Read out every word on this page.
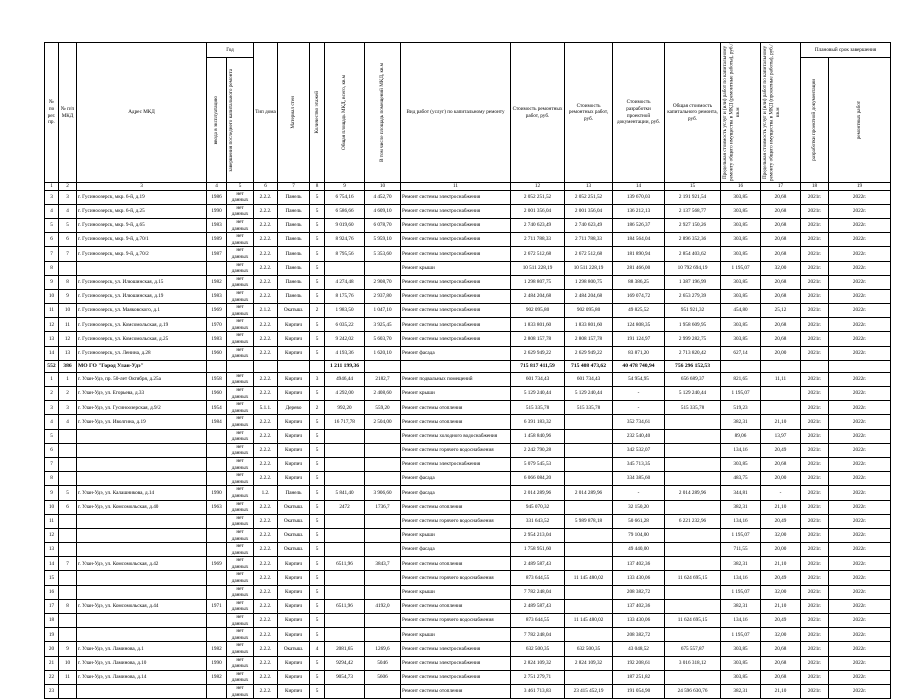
№ по рег. пр.	№ п/п МКД	Адрес МКД	Год		Тип дома	Материал стен	Количество этажей	Общая площадь МКД, всего, кв.м	В том числе площадь помещений МКД, кв.м	Вид работ (услуг) по капитальному ремонту	Стоимость ремонтных работ, руб.	Стоимость ремонтных работ, руб.	Стоимость разработки проектной документации, руб.	Общая стоимость капитального ремонта, руб.	Предельная стоимость услуг и (или) работ по капитальному ремонту общего имущества в МКД (ремонтные работы), руб./кв.м	Предельная стоимость услуг и (или) работ по капитальному ремонту общего имущества в МКД (проектные работы), руб./кв.м	Плановый срок завершения	

			ввода в эксплуатацию	завершения последнего капитального ремонта													разработки проектной документации	ремонтных работ

1	2	3	4	5	6	7	8	9	10	11	12	13	14	15	16	17	18	19
3	3	г. Гусиноозерск, мкр. 6-й, д.19	1986	нет данных	2.2.2.	Панель	5	6 754,16	4 452,70	Ремонт системы электроснабжения	2 052 251,52	2 052 251,52	139 670,03	2 191 921,54	303,85	20,68	2021г.	2022г.
4	4	г. Гусиноозерск, мкр. 6-й, д.25	1990	нет данных	2.2.2.	Панель	5	6 586,66	4 609,10	Ремонт системы электроснабжения	2 001 356,04	2 001 356,04	136 212,13	2 137 568,77	303,85	20,68	2021г.	2022г.
5	5	г. Гусиноозерск, мкр. 9-й, д.65	1983	нет данных	2.2.2.	Панель	5	9 019,60	6 078,70	Ремонт системы электроснабжения	2 740 623,49	2 740 623,49	186 526,37	2 927 150,26	303,85	20,68	2021г.	2022г.
6	6	г. Гусиноозерск, мкр. 9-й, д.70/1	1989	нет данных	2.2.2.	Панель	5	8 924,76	5 959,10	Ремонт системы электроснабжения	2 711 788,33	2 711 788,33	184 564,04	2 896 352,36	303,85	20,68	2021г.	2022г.
7	7	г. Гусиноозерск, мкр. 9-й, д.70/2	1987	нет данных	2.2.2.	Панель	5	8 795,56	5 353,60	Ремонт системы электроснабжения	2 672 512,68	2 672 512,68	181 890,94	2 854 403,62	303,85	20,68	2021г.	2022г.
8				нет данных	2.2.2.	Панель	5			Ремонт крыши	10 511 228,19	10 511 228,19	281 466,00	10 792 694,19	1 195,07	32,00	2021г.	2022г.
9	8	г. Гусиноозерск, ул. Илюшинская, д.15	1982	нет данных	2.2.2.	Панель	5	4 274,48	2 908,70	Ремонт системы электроснабжения	1 298 807,75	1 298 800,75	88 386,25	1 387 196,99	303,85	20,68	2021г.	2022г.
10	9	г. Гусиноозерск, ул. Илюшинская, д.19	1983	нет данных	2.2.2.	Панель	5	8 175,76	2 937,80	Ремонт системы электроснабжения	2 484 204,68	2 484 204,68	169 074,72	2 653 279,39	303,85	20,68	2021г.	2022г.
11	10	г. Гусиноозерск, ул. Маяковского, д.1	1969	нет данных	2.1.2.	Окатыш.	2	1 983,50	1 047,10	Ремонт системы электроснабжения	902 095,80	902 095,80	49 825,52	951 921,32	454,80	25,12	2021г.	2022г.
12	11	г. Гусиноозерск, ул. Комсомольская, д.19	1970	нет данных	2.2.2.	Кирпич	5	6 035,22	3 925,45	Ремонт системы электроснабжения	1 833 801,60	1 833 801,60	124 808,35	1 958 609,95	303,85	20,68	2021г.	2022г.
13	12	г. Гусиноозерск, ул. Комсомольская, д.25	1983	нет данных	2.2.2.	Кирпич	5	9 242,02	5 603,70	Ремонт системы электроснабжения	2 808 157,78	2 808 157,78	191 124,97	2 999 282,75	303,85	20,68	2021г.	2022г.
14	13	г. Гусиноозерск, ул. Ленина, д.28	1960	нет данных	2.2.2.	Кирпич	5	4 193,36	1 620,10	Ремонт фасада	2 629 949,22	2 629 949,22	83 871,20	2 713 820,42	627,14	20,00	2021г.	2022г.
552	386	МО ГО "Город Улан-Удэ"						1 211 199,36			715 817 411,59	715 408 473,62	40 478 740,94	756 296 152,53				
1	1	г. Улан-Удэ, пр. 50-лет Октября, д.25а	1958	нет данных	2.2.2.	Кирпич	3	4946,44	2182,7	Ремонт подвальных помещений	601 734,43	601 734,43	54 954,95	656 689,37	821,65	11,11	2021г.	2022г.
2	2	г. Улан-Удэ, ул. Егорьева, д.33	1960	нет данных	2.2.2.	Кирпич	5	4 292,00	2 408,60	Ремонт крыши	5 129 240,44	5 129 240,44	-	5 129 240,44	1 195,07		2021г.	2022г.
3	3	г. Улан-Удэ, ул. Гусиноозерская, д.9/2	1954	нет данных	5.1.1.	Дерево	2	992,20	559,20	Ремонт системы отопления	515 335,78	515 335,78	-	515 335,78	519,23		2021г.	2022г.
4	4	г. Улан-Удэ, ул. Иволгина, д.19	1984	нет данных	2.2.2.	Кирпич	5	16 717,78	2 504,00	Ремонт системы отопления	6 391 183,32		352 734,61		382,31	21,10	2021г.	2022г.
5				нет данных	2.2.2.	Кирпич	5			Ремонт системы холодного водоснабжения	1 458 840,96		232 540,40		89,06	13,97	2021г.	2022г.
6				нет данных	2.2.2.	Кирпич	5			Ремонт системы горячего водоснабжения	2 242 790,28		342 532,07		134,16	20,49	2021г.	2022г.
7				нет данных	2.2.2.	Кирпич	5			Ремонт системы электроснабжения	5 079 545,53		345 713,35		303,85	20,68	2021г.	2022г.
8				нет данных	2.2.2.	Кирпич	5			Ремонт фасада	6 066 084,20		334 385,60		483,75	20,00	2021г.	2022г.
9	5	г. Улан-Удэ, ул. Калашникова, д.14	1990	нет данных	1.2.	Панель	5	5 841,40	3 906,60	Ремонт фасада	2 014 289,96	2 014 289,96	-	2 014 289,96	344,81	-	2021г.	2022г.
10	6	г. Улан-Удэ, ул. Комсомольская, д.40	1963	нет данных	2.2.2.	Окатыш.	5	2472	1736,7	Ремонт системы отопления	945 070,32		32 150,20		382,31	21,10	2021г.	2022г.
11				нет данных	2.2.2.	Окатыш.	5			Ремонт системы горячего водоснабжения	331 643,52	5 989 878,18	50 661,28	6 221 232,96	134,16	20,49	2021г.	2022г.
12				нет данных	2.2.2.	Окатыш.	5			Ремонт крыши	2 954 213,04		79 104,00		1 195,07	32,00	2021г.	2022г.
13				нет данных	2.2.2.	Окатыш.	5			Ремонт фасада	1 758 951,60		49 440,00		711,55	20,00	2021г.	2022г.
14	7	г. Улан-Удэ, ул. Комсомольская, д.42	1969	нет данных	2.2.2.	Кирпич	5	6511,96	3843,7	Ремонт системы отопления	2 489 587,43		137 402,36		382,31	21,10	2021г.	2022г.
15				нет данных	2.2.2.	Кирпич	5			Ремонт системы горячего водоснабжения	873 644,55	11 145 480,02	133 430,06	11 624 695,15	134,16	20,49	2021г.	2022г.
16				нет данных	2.2.2.	Кирпич	5			Ремонт крыши	7 782 248,04		208 382,72		1 195,07	32,00	2021г.	2022г.
17	8	г. Улан-Удэ, ул. Комсомольская, д.44	1971	нет данных	2.2.2.	Кирпич	5	6511,96	4192,0	Ремонт системы отопления	2 489 587,43		137 402,36		382,31	21,10	2021г.	2022г.
18				нет данных	2.2.2.	Кирпич	5			Ремонт системы горячего водоснабжения	873 644,55	11 145 480,02	133 430,06	11 624 695,15	134,16	20,49	2021г.	2022г.
19				нет данных	2.2.2.	Кирпич	5			Ремонт крыши	7 782 248,04		208 382,72		1 195,07	32,00	2021г.	2022г.
20	9	г. Улан-Удэ, ул. Ламинова, д.1	1982	нет данных	2.2.2.	Окатыш.	4	2081,65	1269,6	Ремонт системы электроснабжения	632 500,35	632 500,35	43 048,52	675 557,87	303,85	20,68	2021г.	2022г.
21	10	г. Улан-Удэ, ул. Ламинова, д.10	1990	нет данных	2.2.2.	Кирпич	5	9294,42	5046	Ремонт системы электроснабжения	2 824 109,32	2 824 109,32	192 208,61	3 016 318,12	303,85	20,68	2021г.	2022г.
22	11	г. Улан-Удэ, ул. Ламинова, д.14	1982	нет данных	2.2.2.	Кирпич	5	9054,73	5606	Ремонт системы электроснабжения	2 751 279,71		187 251,82		303,85	20,68	2021г.	2022г.
23				нет данных	2.2.2.	Кирпич	5			Ремонт системы отопления	3 461 713,83	23 415 452,19	191 054,90	24 596 630,76	382,31	21,10	2021г.	2022г.
